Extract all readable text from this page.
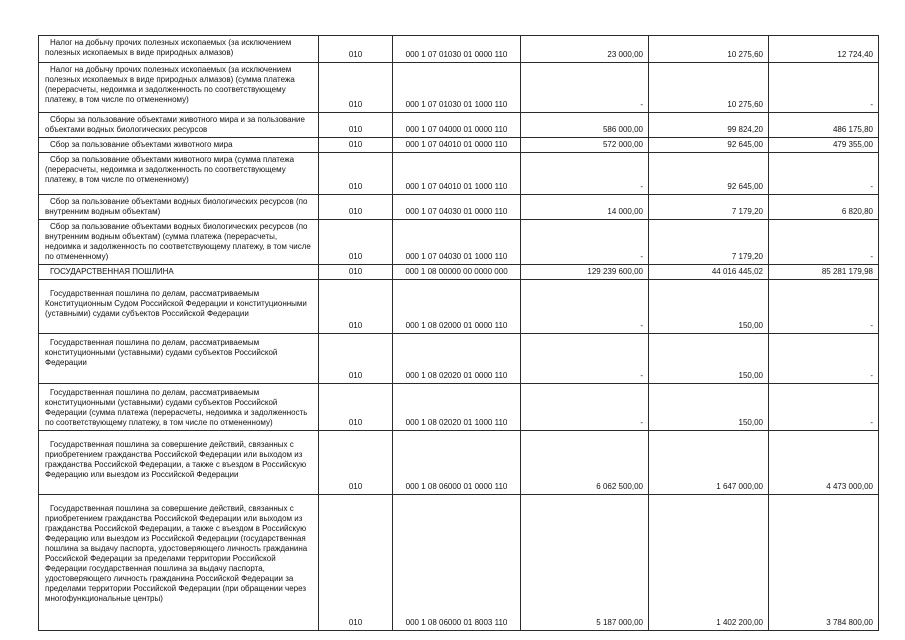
Налог на добычу прочих полезных ископаемых (за исключением полезных ископаемых в виде природных алмазов)	010	000 1 07 01030 01 0000 110	23 000,00	10 275,60	12 724,40
Налог на добычу прочих полезных ископаемых (за исключением полезных ископаемых в виде природных алмазов) (сумма платежа (перерасчеты, недоимка и задолженность по соответствующему платежу, в том числе по отмененному)	010	000 1 07 01030 01 1000 110	-	10 275,60	-
Сборы за пользование объектами животного мира и за пользование объектами водных биологических ресурсов	010	000 1 07 04000 01 0000 110	586 000,00	99 824,20	486 175,80
Сбор за пользование объектами животного мира	010	000 1 07 04010 01 0000 110	572 000,00	92 645,00	479 355,00
Сбор за пользование объектами животного мира (сумма платежа (перерасчеты, недоимка и задолженность по соответствующему платежу, в том числе по отмененному)	010	000 1 07 04010 01 1000 110	-	92 645,00	-
Сбор за пользование объектами водных биологических ресурсов (по внутренним водным объектам)	010	000 1 07 04030 01 0000 110	14 000,00	7 179,20	6 820,80
Сбор за пользование объектами водных биологических ресурсов (по внутренним водным объектам) (сумма платежа (перерасчеты, недоимка и задолженность по соответствующему платежу, в том числе по отмененному)	010	000 1 07 04030 01 1000 110	-	7 179,20	-
ГОСУДАРСТВЕННАЯ ПОШЛИНА	010	000 1 08 00000 00 0000 000	129 239 600,00	44 016 445,02	85 281 179,98
Государственная пошлина по делам, рассматриваемым Конституционным Судом Российской Федерации и конституционными (уставными) судами субъектов Российской Федерации	010	000 1 08 02000 01 0000 110	-	150,00	-
Государственная пошлина по делам, рассматриваемым конституционными (уставными) судами субъектов Российской Федерации	010	000 1 08 02020 01 0000 110	-	150,00	-
Государственная пошлина по делам, рассматриваемым конституционными (уставными) судами субъектов Российской Федерации (сумма платежа (перерасчеты, недоимка и задолженность по соответствующему платежу, в том числе по отмененному)	010	000 1 08 02020 01 1000 110	-	150,00	-
Государственная пошлина за совершение действий, связанных с приобретением гражданства Российской Федерации или выходом из гражданства Российской Федерации, а также с въездом в Российскую Федерацию или выездом из Российской Федерации	010	000 1 08 06000 01 0000 110	6 062 500,00	1 647 000,00	4 473 000,00
Государственная пошлина за совершение действий, связанных с приобретением гражданства Российской Федерации или выходом из гражданства Российской Федерации, а также с въездом в Российскую Федерацию или выездом из Российской Федерации (государственная пошлина за выдачу паспорта, удостоверяющего личность гражданина Российской Федерации за пределами территории Российской Федерации государственная пошлина за выдачу паспорта, удостоверяющего личность гражданина Российской Федерации за пределами территории Российской Федерации (при обращении через многофункциональные центры)	010	000 1 08 06000 01 8003 110	5 187 000,00	1 402 200,00	3 784 800,00
